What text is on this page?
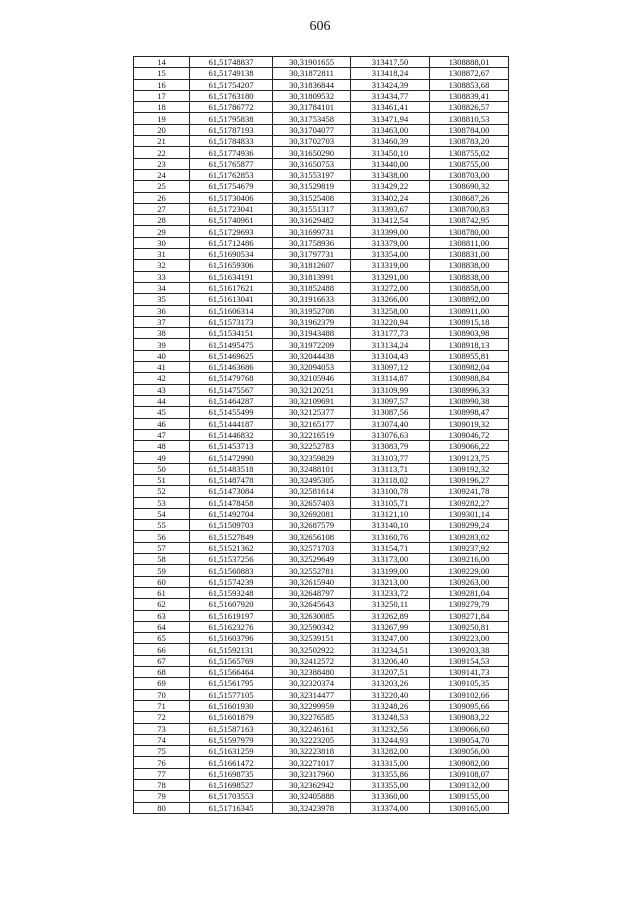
606
14	61,51748837	30,31901655	313417,50	1308888,01
15	61,51749138	30,31872811	313418,24	1308872,67
16	61,51754207	30,31836844	313424,39	1308853,68
17	61,51763180	30,31809532	313434,77	1308839,41
18	61,51786772	30,31784101	313461,41	1308826,57
19	61,51795838	30,31753458	313471,94	1308810,53
20	61,51787193	30,31704077	313463,00	1308784,00
21	61,51784833	30,31702703	313460,39	1308783,20
22	61,51774936	30,31650290	313450,10	1308755,02
23	61,51765877	30,31650753	313440,00	1308755,00
24	61,51762853	30,31553197	313438,00	1308703,00
25	61,51754679	30,31529819	313429,22	1308690,32
26	61,51730406	30,31525408	313402,24	1308687,26
27	61,51723041	30,31551317	313393,67	1308700,83
28	61,51740961	30,31629482	313412,54	1308742,95
29	61,51729693	30,31699731	313399,00	1308780,00
30	61,51712486	30,31758936	313379,00	1308811,00
31	61,51690534	30,31797731	313354,00	1308831,00
32	61,51659306	30,31812607	313319,00	1308838,00
33	61,51634191	30,31813991	313291,00	1308838,00
34	61,51617621	30,31852488	313272,00	1308858,00
35	61,51613041	30,31916633	313266,00	1308892,00
36	61,51606314	30,31952708	313258,00	1308911,00
37	61,51573173	30,31962379	313220,94	1308915,18
38	61,51534151	30,31943488	313177,73	1308903,98
39	61,51495475	30,31972209	313134,24	1308918,13
40	61,51469625	30,32044438	313104,43	1308955,81
41	61,51463686	30,32094053	313097,12	1308982,04
42	61,51479768	30,32105946	313114,87	1308988,84
43	61,51475567	30,32120251	313109,99	1308996,33
44	61,51464287	30,32109691	313097,57	1308990,38
45	61,51455499	30,32125377	313087,56	1308998,47
46	61,51444187	30,32165177	313074,40	1309019,32
47	61,51446832	30,32216519	313076,63	1309046,72
48	61,51453713	30,32252783	313083,79	1309066,22
49	61,51472990	30,32359829	313103,77	1309123,75
50	61,51483518	30,32488101	313113,71	1309192,32
51	61,51487478	30,32495305	313118,02	1309196,27
52	61,51473084	30,32581614	313100,78	1309241,78
53	61,51478458	30,32657403	313105,71	1309282,27
54	61,51492704	30,32692081	313121,10	1309301,14
55	61,51509703	30,32687579	313140,10	1309299,24
56	61,51527849	30,32656108	313160,76	1309283,02
57	61,51521362	30,32571703	313154,71	1309237,92
58	61,51537256	30,32529649	313173,00	1309216,00
59	61,51560883	30,32552781	313199,00	1309229,00
60	61,51574239	30,32615940	313213,00	1309263,00
61	61,51593248	30,32648797	313233,72	1309281,04
62	61,51607920	30,32645643	313250,11	1309279,79
63	61,51619197	30,32630085	313262,89	1309271,84
64	61,51623276	30,32590342	313267,99	1309250,81
65	61,51603796	30,32539151	313247,00	1309223,00
66	61,51592131	30,32502922	313234,51	1309203,38
67	61,51565769	30,32412572	313206,40	1309154,53
68	61,51566464	30,32388480	313207,51	1309141,73
69	61,51561795	30,32320374	313203,26	1309105,35
70	61,51577105	30,32314477	313220,40	1309102,66
71	61,51601930	30,32299959	313248,26	1309095,66
72	61,51601879	30,32276585	313248,53	1309083,22
73	61,51587163	30,32246161	313232,56	1309066,60
74	61,51597979	30,32223205	313244,93	1309054,70
75	61,51631259	30,32223818	313282,00	1309056,00
76	61,51661472	30,32271017	313315,00	1309082,00
77	61,51698735	30,32317960	313355,86	1309108,07
78	61,51698527	30,32362942	313355,00	1309132,00
79	61,51703553	30,32405888	313360,00	1309155,00
80	61,51716345	30,32423978	313374,00	1309165,00
